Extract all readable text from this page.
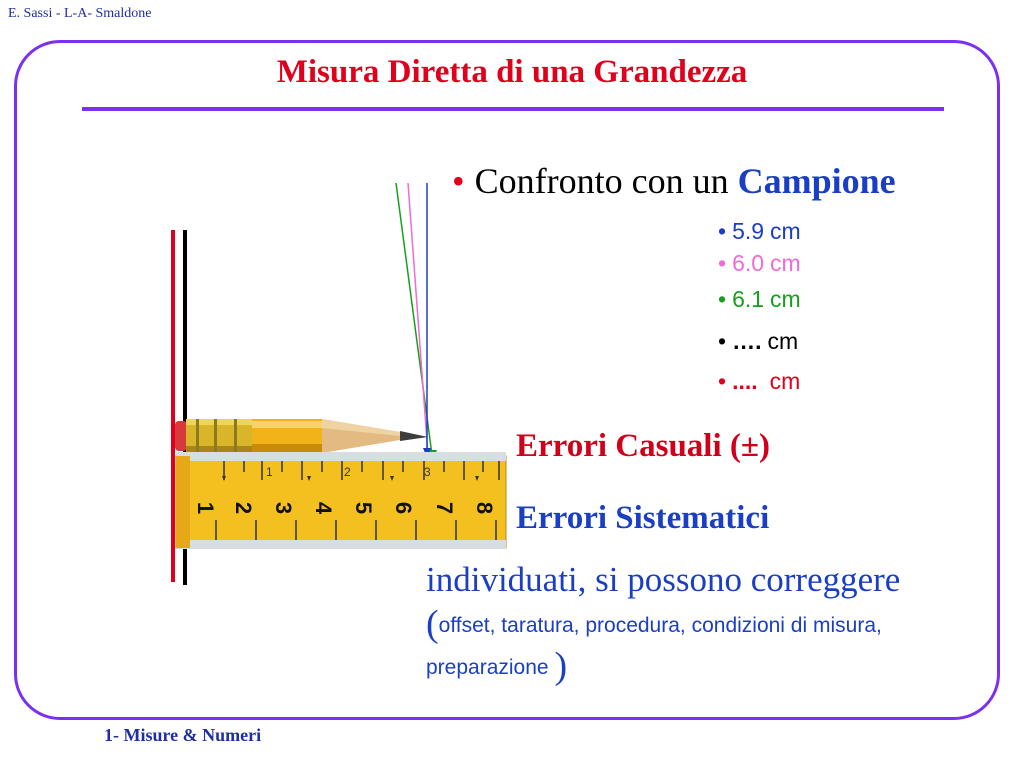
E. Sassi - L-A- Smaldone
Misura Diretta di una Grandezza
1	2	3
1 2 3 4 5 6 7 8
• Confronto con un Campione
• 5.9 cm
• 6.0 cm
• 6.1 cm
• …. cm
• .... cm
Errori Casuali (±)
Errori Sistematici
individuati, si possono correggere
(offset, taratura, procedura, condizioni di misura, preparazione )
1- Misure & Numeri
